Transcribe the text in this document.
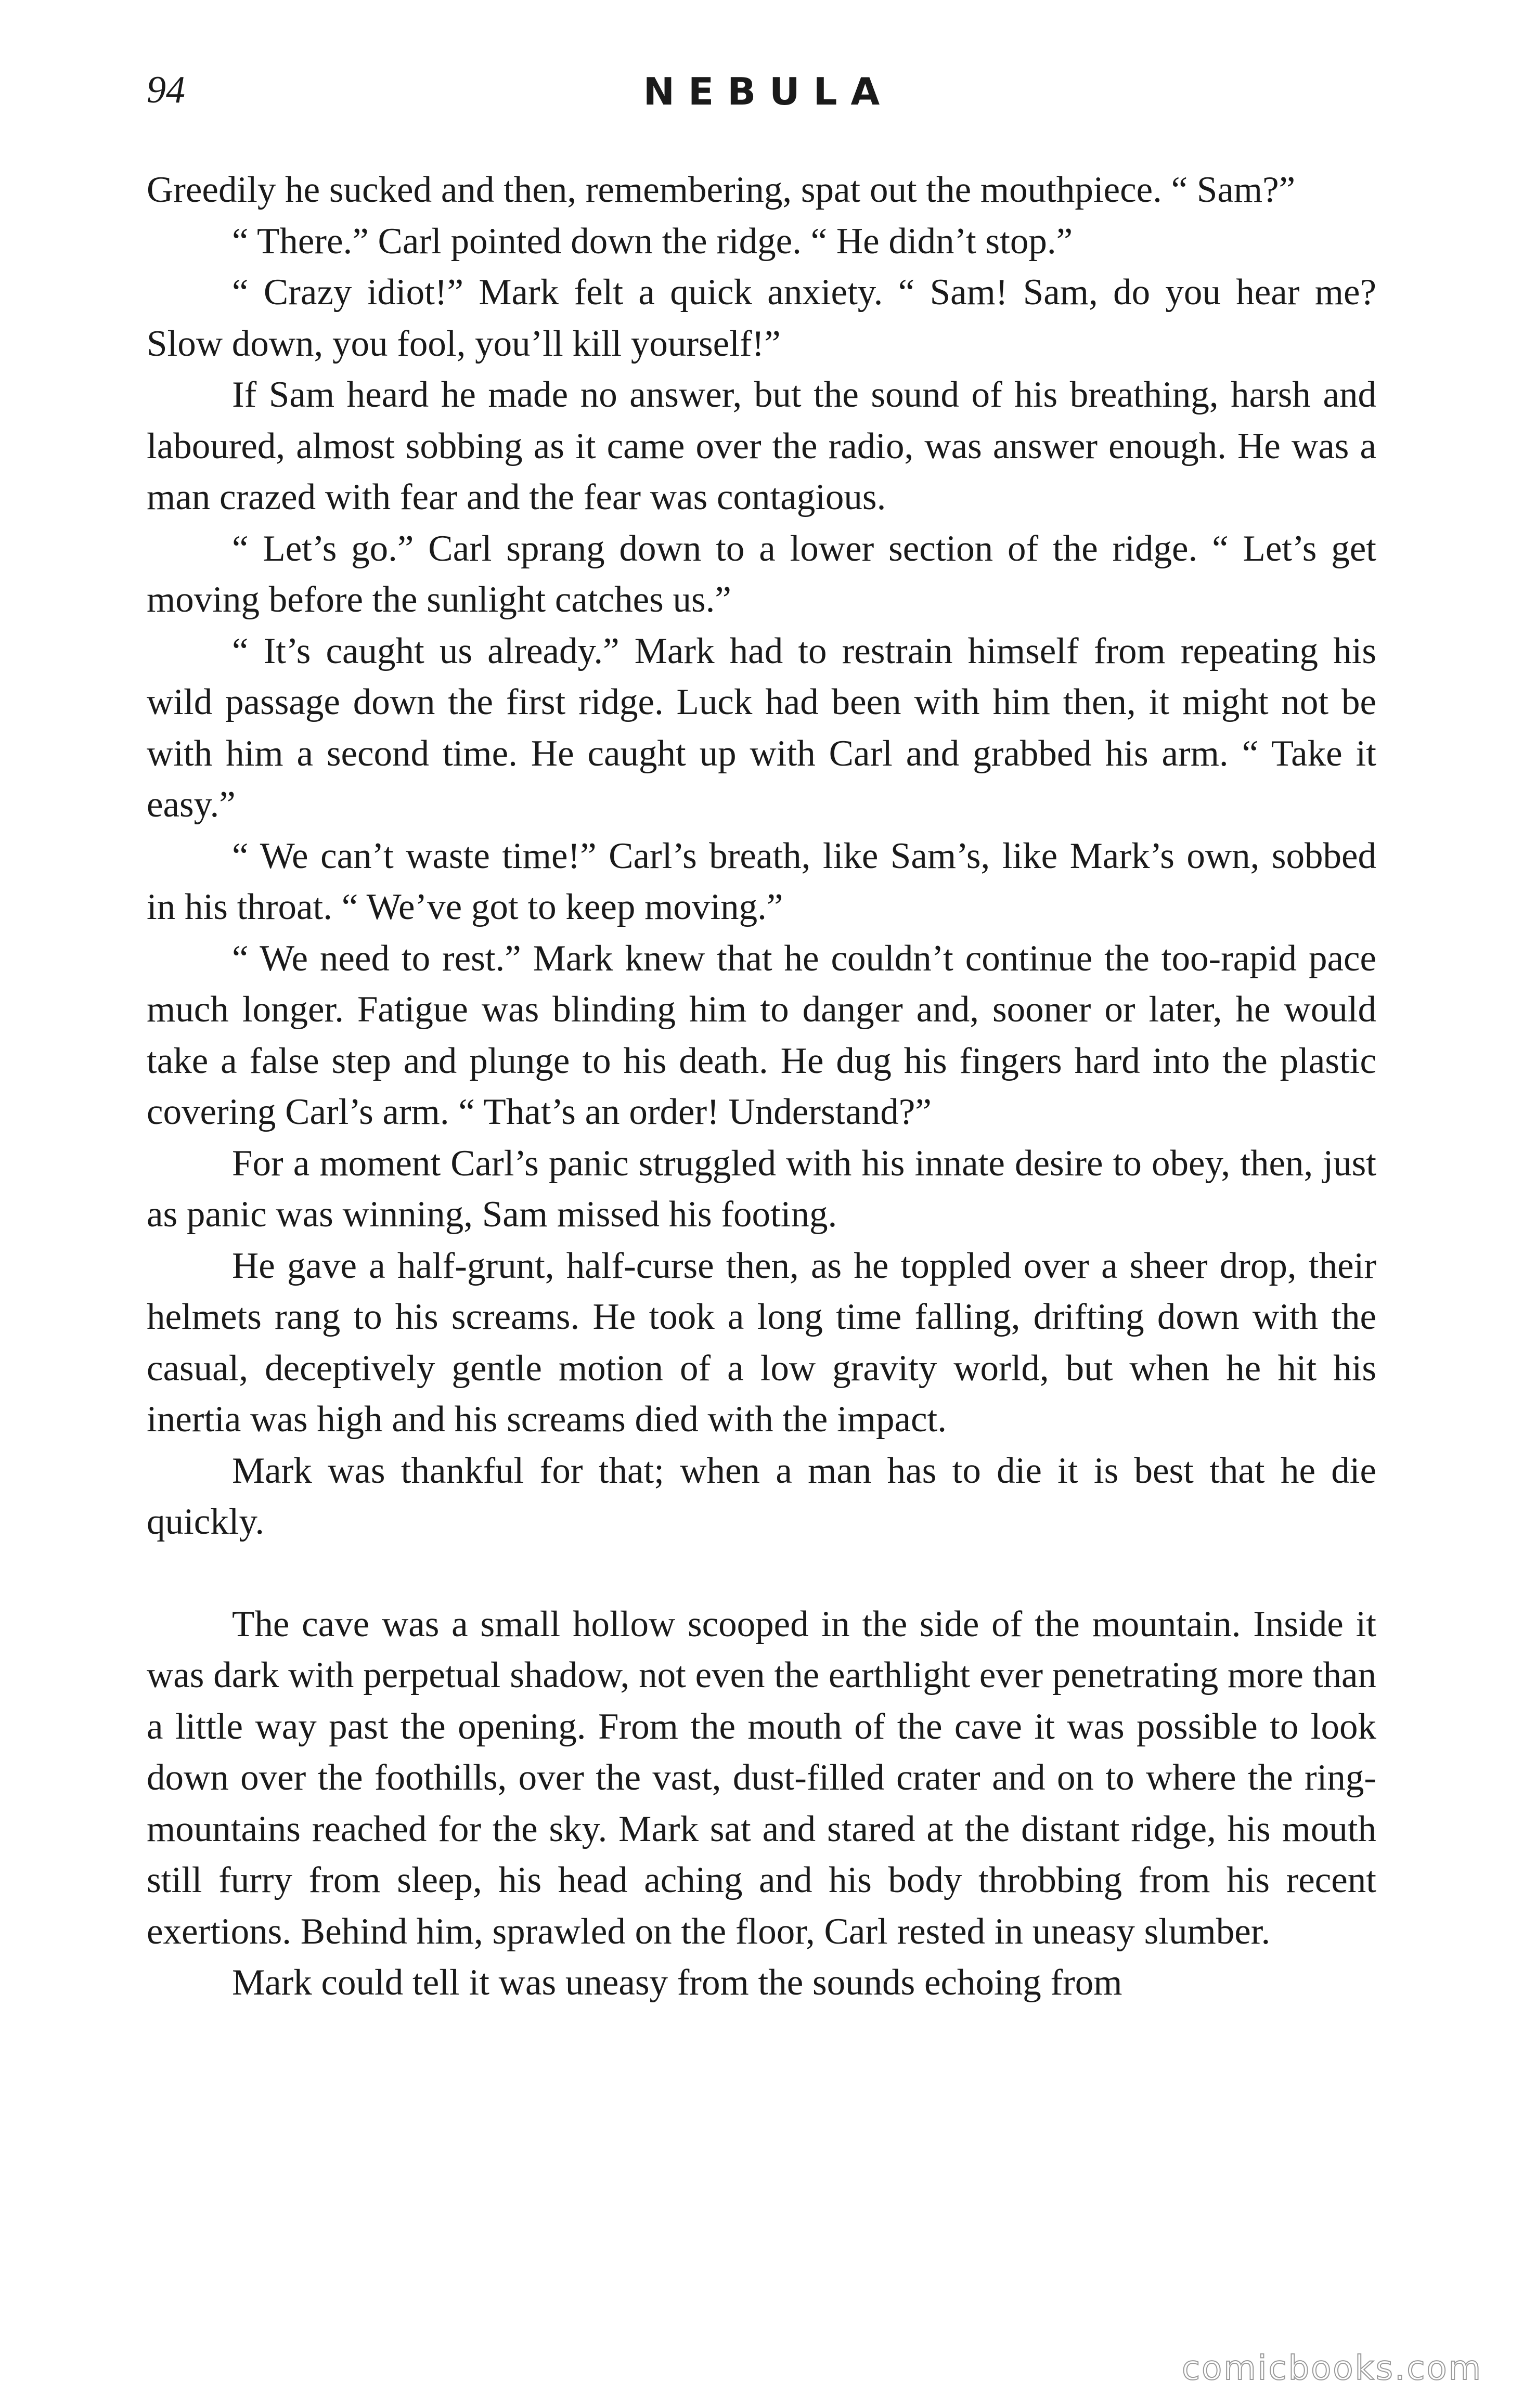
94	NEBULA

Greedily he sucked and then, remembering, spat out the mouthpiece. “ Sam?”

“ There.” Carl pointed down the ridge. “ He didn’t stop.”

“ Crazy idiot!” Mark felt a quick anxiety. “ Sam! Sam, do you hear me? Slow down, you fool, you’ll kill yourself!”

If Sam heard he made no answer, but the sound of his breathing, harsh and laboured, almost sobbing as it came over the radio, was answer enough. He was a man crazed with fear and the fear was contagious.

“ Let’s go.” Carl sprang down to a lower section of the ridge. “ Let’s get moving before the sunlight catches us.”

“ It’s caught us already.” Mark had to restrain himself from repeating his wild passage down the first ridge. Luck had been with him then, it might not be with him a second time. He caught up with Carl and grabbed his arm. “ Take it easy.”

“ We can’t waste time!” Carl’s breath, like Sam’s, like Mark’s own, sobbed in his throat. “ We’ve got to keep moving.”

“ We need to rest.” Mark knew that he couldn’t continue the too-rapid pace much longer. Fatigue was blinding him to danger and, sooner or later, he would take a false step and plunge to his death. He dug his fingers hard into the plastic covering Carl’s arm. “ That’s an order! Understand?”

For a moment Carl’s panic struggled with his innate desire to obey, then, just as panic was winning, Sam missed his footing.

He gave a half-grunt, half-curse then, as he toppled over a sheer drop, their helmets rang to his screams. He took a long time falling, drifting down with the casual, deceptively gentle motion of a low gravity world, but when he hit his inertia was high and his screams died with the impact.

Mark was thankful for that; when a man has to die it is best that he die quickly.

The cave was a small hollow scooped in the side of the mountain. Inside it was dark with perpetual shadow, not even the earthlight ever penetrating more than a little way past the opening. From the mouth of the cave it was possible to look down over the foothills, over the vast, dust-filled crater and on to where the ring-mountains reached for the sky. Mark sat and stared at the distant ridge, his mouth still furry from sleep, his head aching and his body throbbing from his recent exertions. Behind him, sprawled on the floor, Carl rested in uneasy slumber.

Mark could tell it was uneasy from the sounds echoing from

comicbooks.com
